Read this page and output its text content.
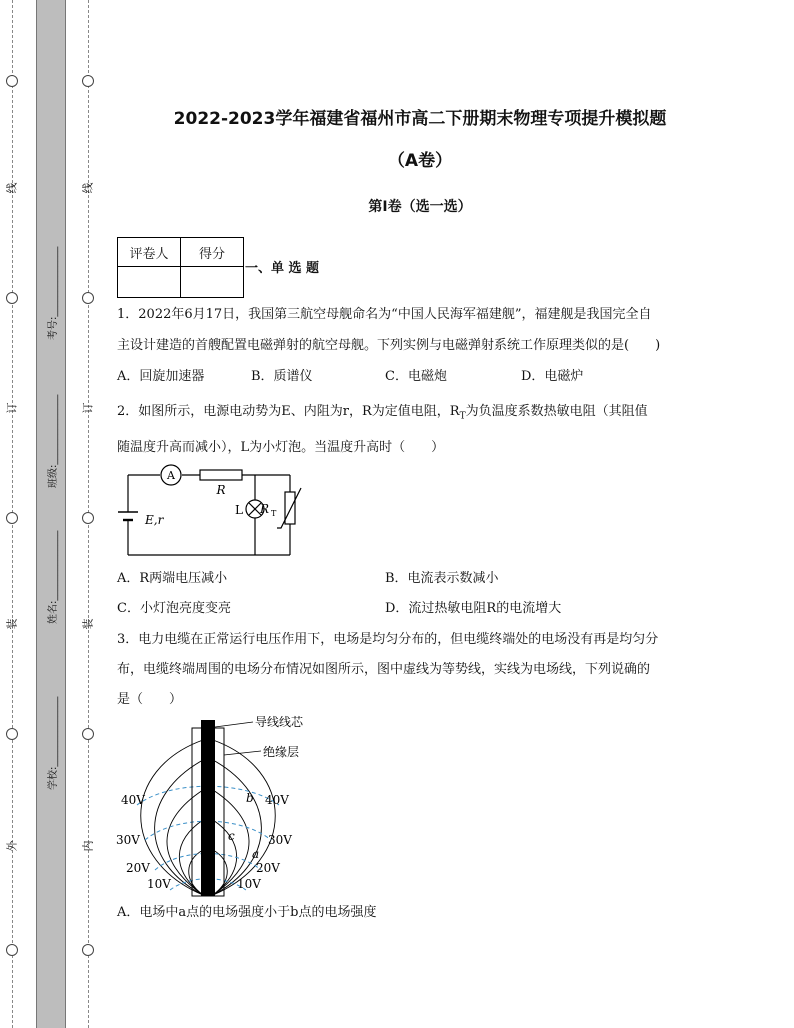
线
订
装
外
线
订
装
内
考号:______________
班级:______________
姓名:______________
学校:______________
2022-2023学年福建省福州市高二下册期末物理专项提升模拟题
（A卷）
第I卷（选一选）
评卷人	得分

一、单 选 题
1．2022年6月17日，我国第三航空母舰命名为“中国人民海军福建舰”，福建舰是我国完全自
主设计建造的首艘配置电磁弹射的航空母舰。下列实例与电磁弹射系统工作原理类似的是(　　)
A．回旋加速器	B．质谱仪	C．电磁炮	D．电磁炉
2．如图所示，电源电动势为E、内阻为r，R为定值电阻，$R_T$为负温度系数热敏电阻（其阻值
随温度升高而减小），L为小灯泡。当温度升高时（　　）
A
R
E,r
L R T
A．R两端电压减小	B．电流表示数减小
C．小灯泡亮度变亮	D．流过热敏电阻R的电流增大
3．电力电缆在正常运行电压作用下，电场是均匀分布的，但电缆终端处的电场没有再是均匀分
布，电缆终端周围的电场分布情况如图所示，图中虚线为等势线，实线为电场线，下列说确的
是（　　）
导线线芯
绝缘层
40V
30V
20V
10V
40V
30V
20V
10V
a
b
c
A．电场中a点的电场强度小于b点的电场强度
